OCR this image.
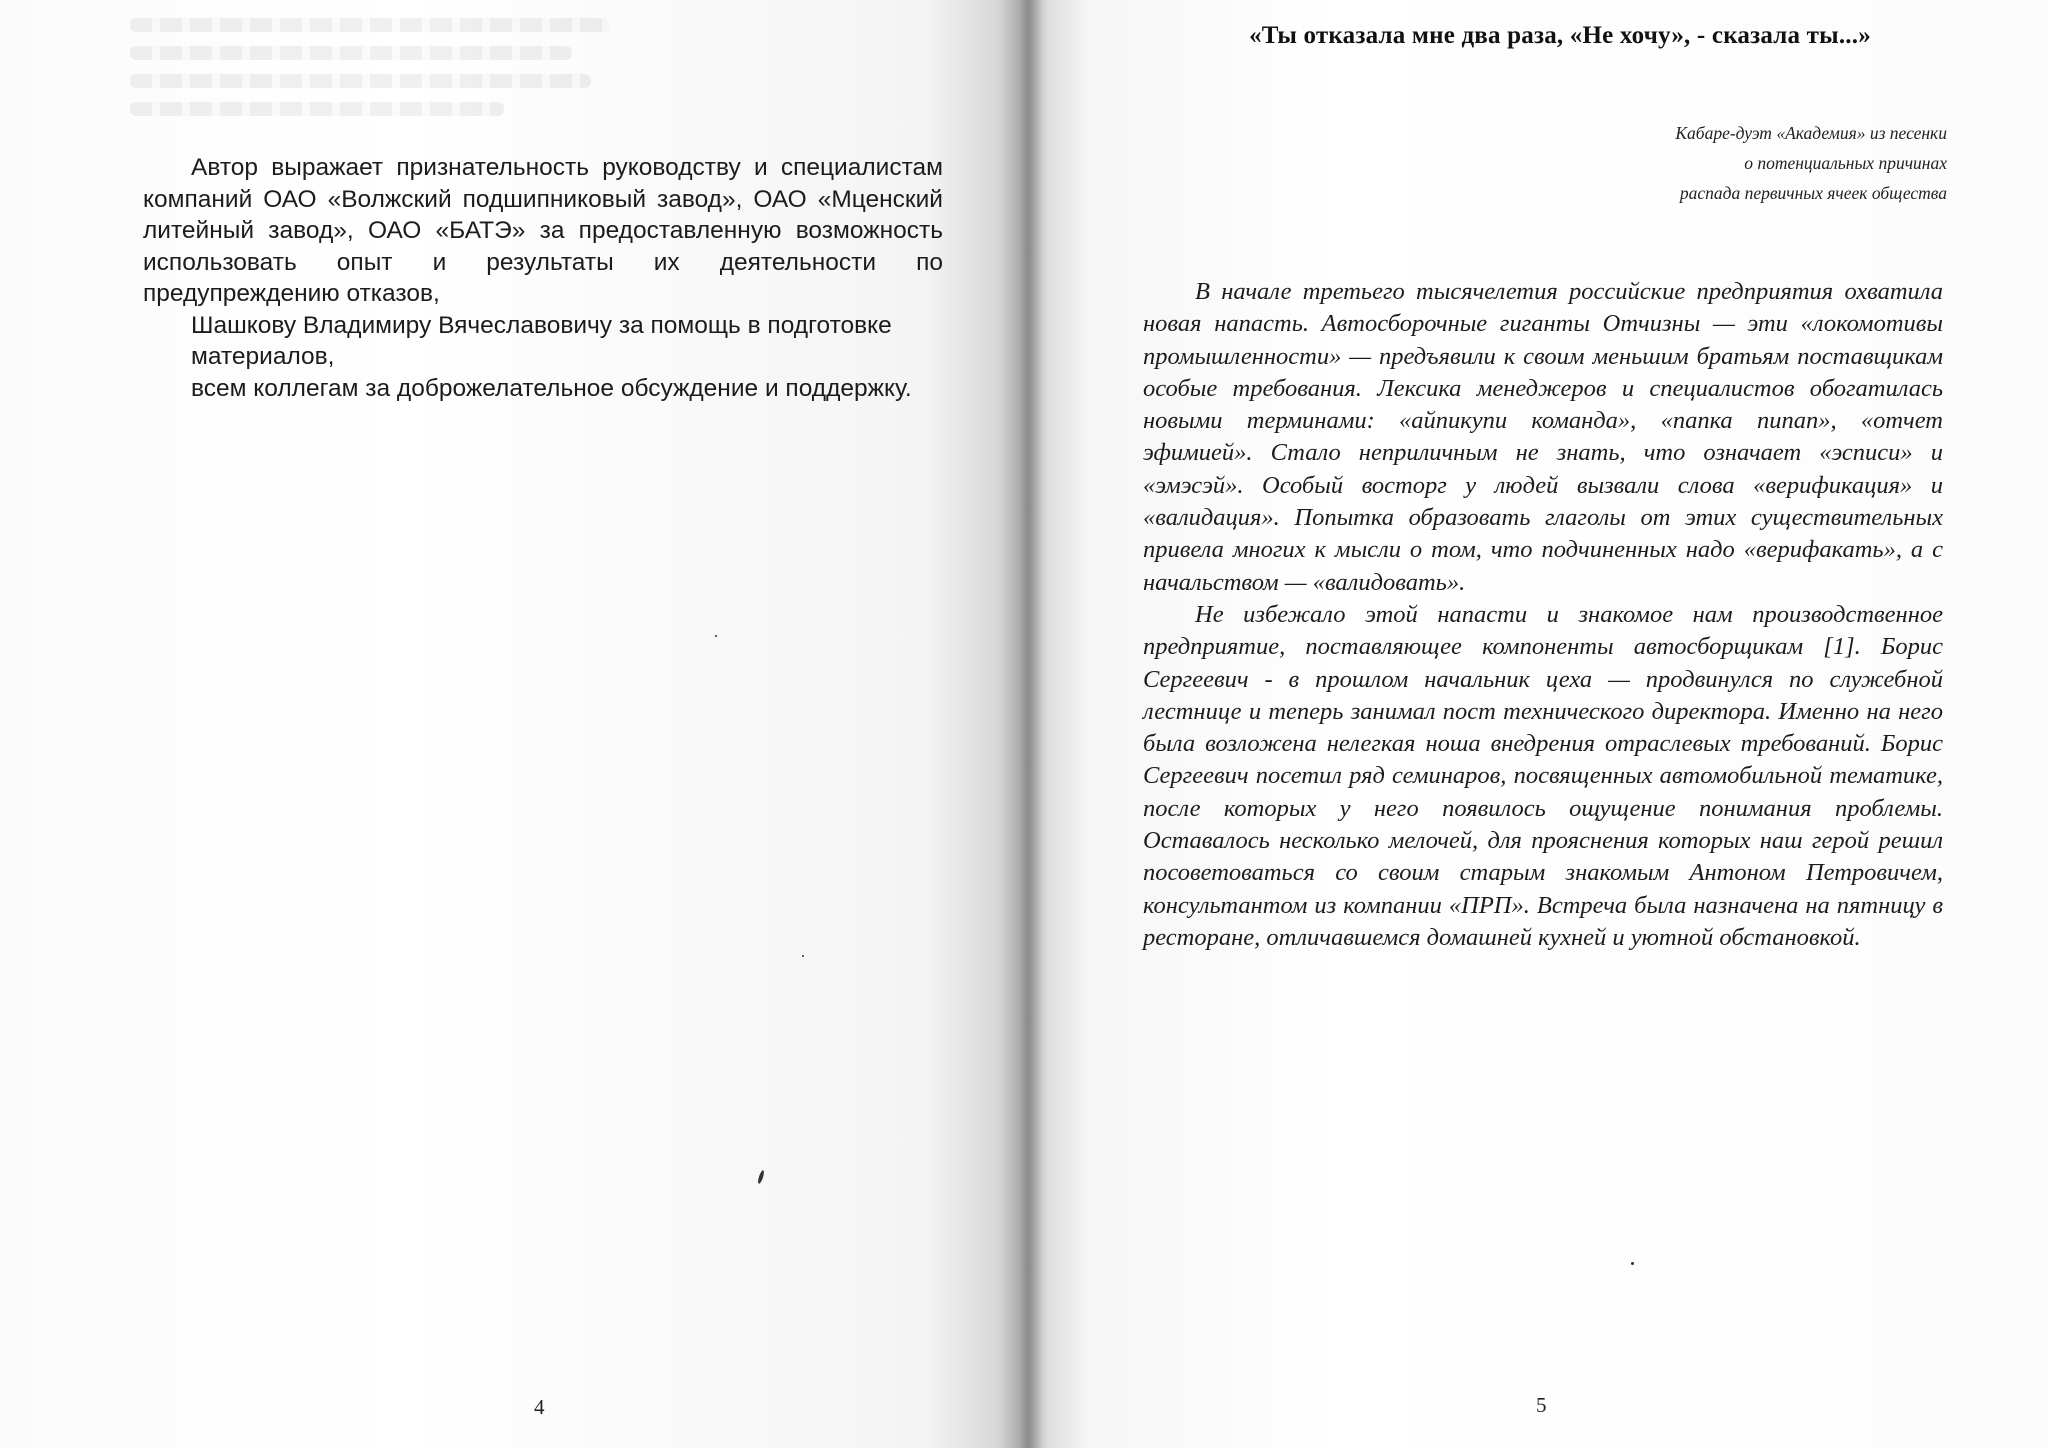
Автор выражает признательность руководству и специалистам компаний ОАО «Волжский подшипниковый завод», ОАО «Мценский литейный завод», ОАО «БАТЭ» за предоставленную возможность использовать опыт и результаты их деятельности по предупреждению отказов,

Шашкову Владимиру Вячеславовичу за помощь в подготовке

материалов,

всем коллегам за доброжелательное обсуждение и поддержку.

4
«Ты отказала мне два раза, «Не хочу», - сказала ты...»
Кабаре-дуэт «Академия» из песенки
о потенциальных причинах
распада первичных ячеек общества

В начале третьего тысячелетия российские предприятия охватила новая напасть. Автосборочные гиганты Отчизны — эти «локомотивы промышленности» — предъявили к своим меньшим братьям поставщикам особые требования. Лексика менеджеров и специалистов обогатилась новыми терминами: «айпикупи команда», «папка пипап», «отчет эфимией». Стало неприличным не знать, что означает «эсписи» и «эмэсэй». Особый восторг у людей вызвали слова «верификация» и «валидация». Попытка образовать глаголы от этих существительных привела многих к мысли о том, что подчиненных надо «верифакать», а с начальством — «валидовать».

Не избежало этой напасти и знакомое нам производственное предприятие, поставляющее компоненты автосборщикам [1]. Борис Сергеевич - в прошлом начальник цеха — продвинулся по служебной лестнице и теперь занимал пост технического директора. Именно на него была возложена нелегкая ноша внедрения отраслевых требований. Борис Сергеевич посетил ряд семинаров, посвященных автомобильной тематике, после которых у него появилось ощущение понимания проблемы. Оставалось несколько мелочей, для прояснения которых наш герой решил посоветоваться со своим старым знакомым Антоном Петровичем, консультантом из компании «ПРП». Встреча была назначена на пятницу в ресторане, отличавшемся домашней кухней и уютной обстановкой.

5
